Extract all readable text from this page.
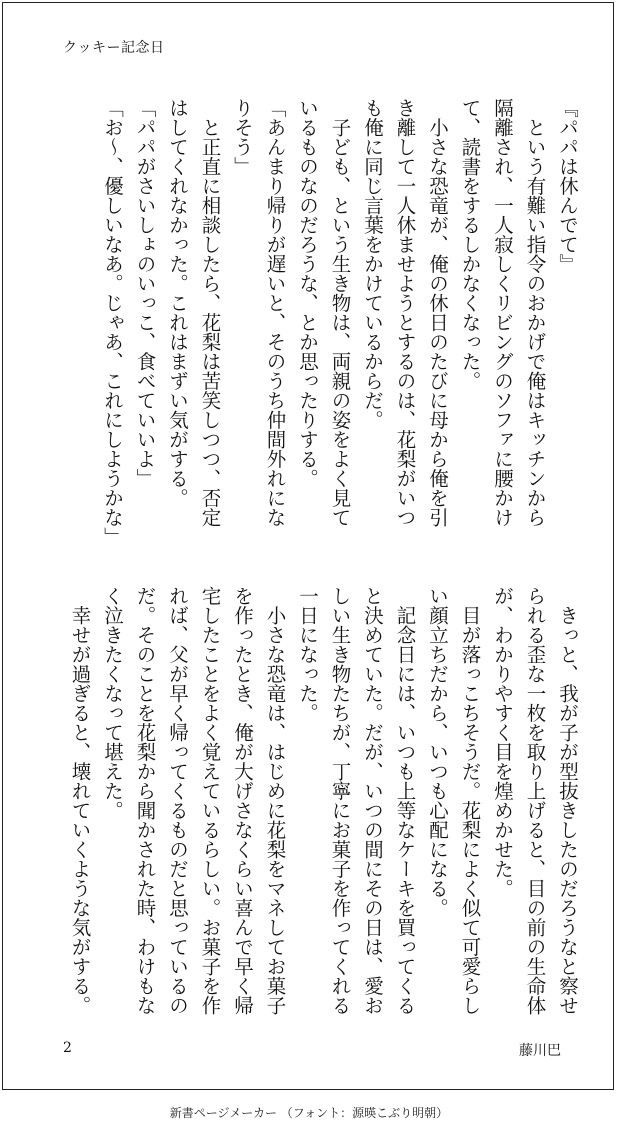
クッキー記念日
『パパは休んでて』
　という有難い指令のおかげで俺はキッチンから
隔離され、一人寂しくリビングのソファに腰かけ
て、読書をするしかなくなった。
　小さな恐竜が、俺の休日のたびに母から俺を引
き離して一人休ませようとするのは、花梨がいつ
も俺に同じ言葉をかけているからだ。
　子ども、という生き物は、両親の姿をよく見て
いるものなのだろうな、とか思ったりする。
「あんまり帰りが遅いと、そのうち仲間外れにな
りそう」
　と正直に相談したら、花梨は苦笑しつつ、否定
はしてくれなかった。これはまずい気がする。
「パパがさいしょのいっこ、食べていいよ」
「お〜、優しいなあ。じゃあ、これにしようかな」
　きっと、我が子が型抜きしたのだろうなと察せ
られる歪な一枚を取り上げると、目の前の生命体
が、わかりやすく目を煌めかせた。
　目が落っこちそうだ。花梨によく似て可愛らし
い顔立ちだから、いつも心配になる。
　記念日には、いつも上等なケーキを買ってくる
と決めていた。だが、いつの間にその日は、愛お
しい生き物たちが、丁寧にお菓子を作ってくれる
一日になった。
　小さな恐竜は、はじめに花梨をマネしてお菓子
を作ったとき、俺が大げさなくらい喜んで早く帰
宅したことをよく覚えているらしい。お菓子を作
れば、父が早く帰ってくるものだと思っているの
だ。そのことを花梨から聞かされた時、わけもな
く泣きたくなって堪えた。
　幸せが過ぎると、壊れていくような気がする。
2	藤川巴
新書ページメーカー （フォント：源暎こぶり明朝）
